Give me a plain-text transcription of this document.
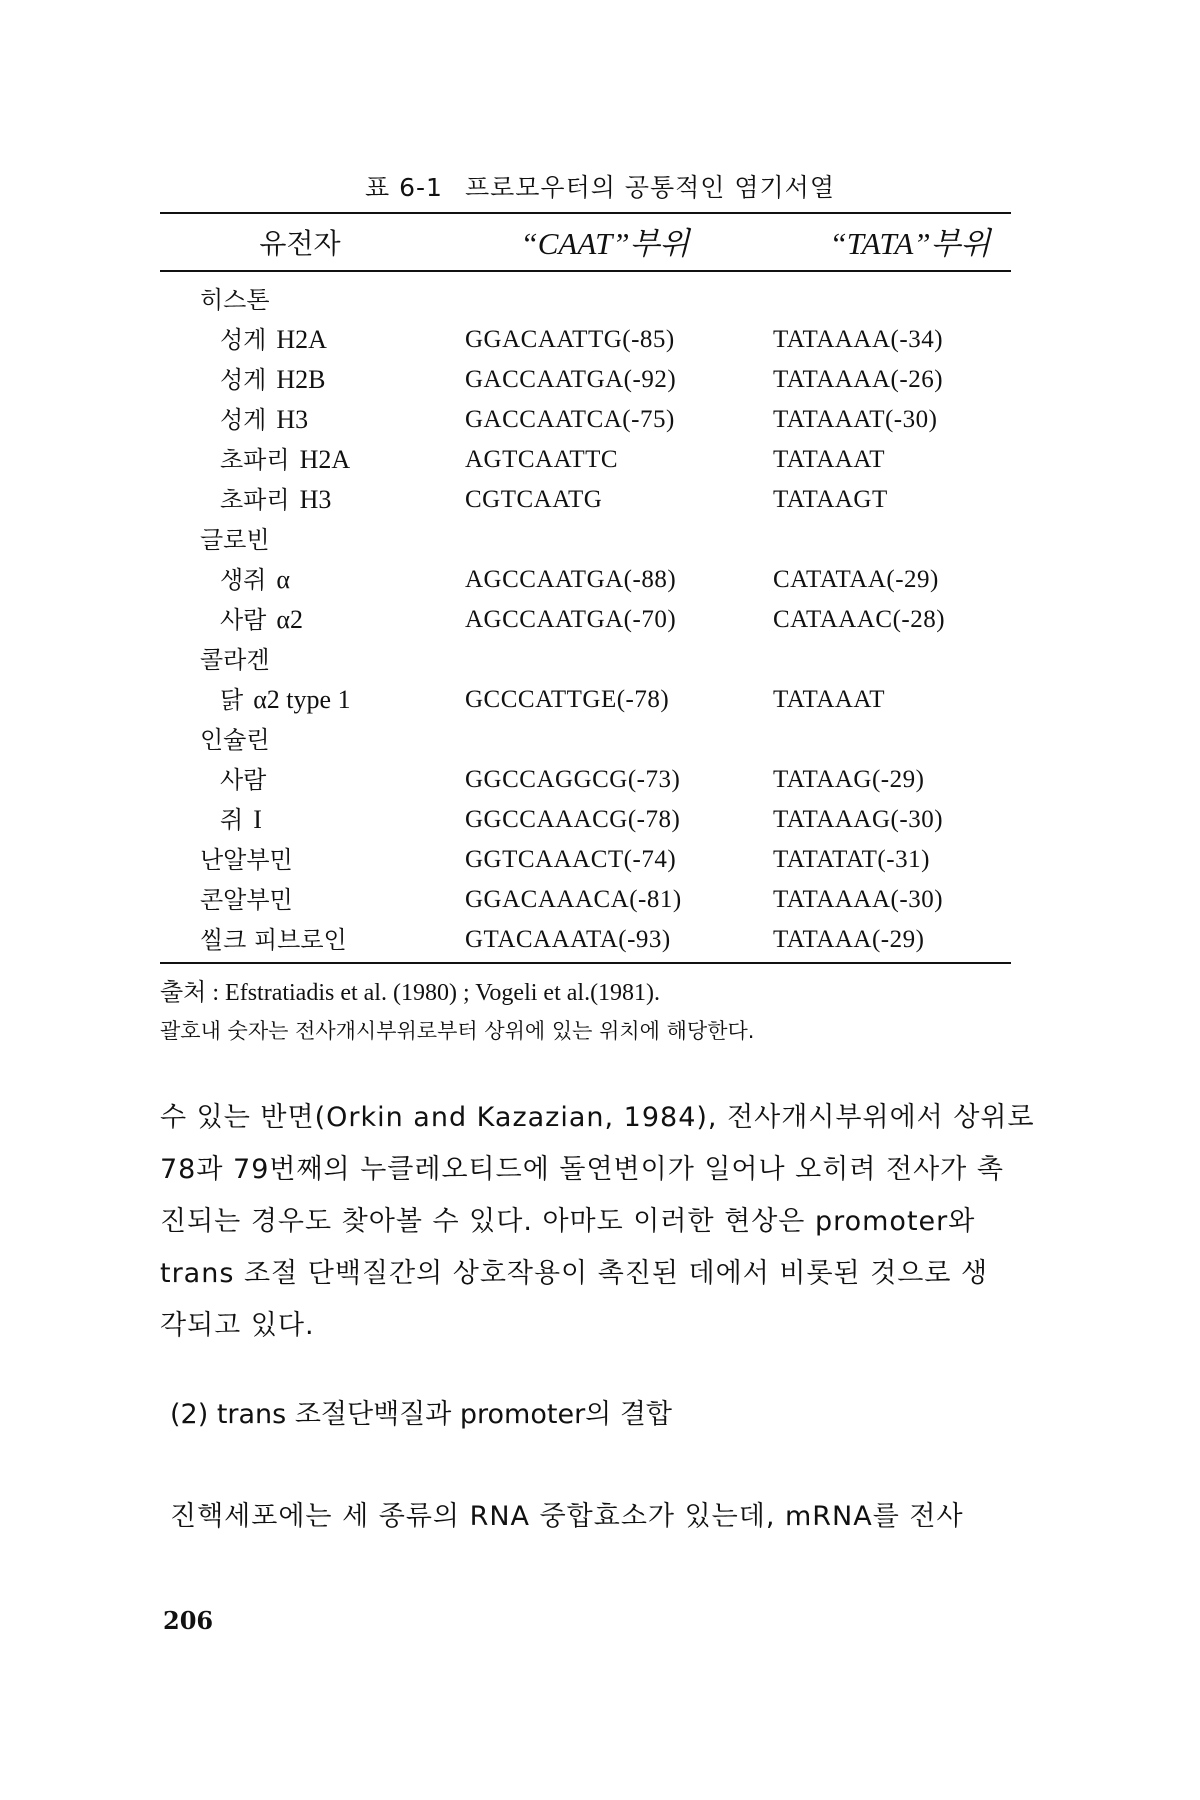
표 6-1 프로모우터의 공통적인 염기서열
유전자	“CAAT”부위	“TATA”부위
히스톤
성게 H2A	GGACAATTG(-85)	TATAAAA(-34)
성게 H2B	GACCAATGA(-92)	TATAAAA(-26)
성게 H3	GACCAATCA(-75)	TATAAAT(-30)
초파리 H2A	AGTCAATTC	TATAAAT
초파리 H3	CGTCAATG	TATAAGT
글로빈
생쥐 α	AGCCAATGA(-88)	CATATAA(-29)
사람 α2	AGCCAATGA(-70)	CATAAAC(-28)
콜라겐
닭 α2 type 1	GCCCATTGE(-78)	TATAAAT
인슐린
사람	GGCCAGGCG(-73)	TATAAG(-29)
쥐 I	GGCCAAACG(-78)	TATAAAG(-30)
난알부민	GGTCAAACT(-74)	TATATAT(-31)
콘알부민	GGACAAACA(-81)	TATAAAA(-30)
씰크 피브로인	GTACAAATA(-93)	TATAAA(-29)
출처 : Efstratiadis et al. (1980) ; Vogeli et al.(1981).
괄호내 숫자는 전사개시부위로부터 상위에 있는 위치에 해당한다.
수 있는 반면(Orkin and Kazazian, 1984), 전사개시부위에서 상위로
78과 79번째의 누클레오티드에 돌연변이가 일어나 오히려 전사가 촉
진되는 경우도 찾아볼 수 있다. 아마도 이러한 현상은 promoter와
trans 조절 단백질간의 상호작용이 촉진된 데에서 비롯된 것으로 생
각되고 있다.
(2) trans 조절단백질과 promoter의 결합
진핵세포에는 세 종류의 RNA 중합효소가 있는데, mRNA를 전사
206
